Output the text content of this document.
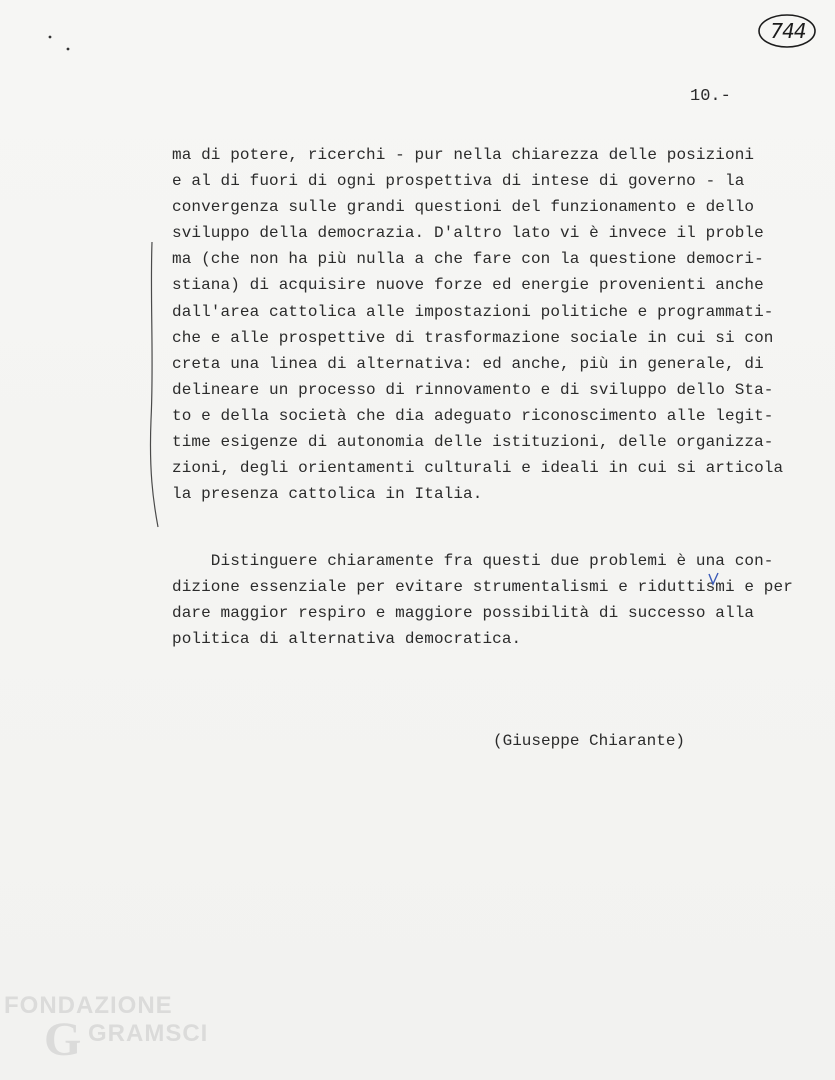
744
10.-
ma di potere, ricerchi - pur nella chiarezza delle posizioni
e al di fuori di ogni prospettiva di intese di governo - la
convergenza sulle grandi questioni del funzionamento e dello
sviluppo della democrazia. D'altro lato vi è invece il proble
ma (che non ha più nulla a che fare con la questione democri-
stiana) di acquisire nuove forze ed energie provenienti anche
dall'area cattolica alle impostazioni politiche e programmati-
che e alle prospettive di trasformazione sociale in cui si con
creta una linea di alternativa: ed anche, più in generale, di
delineare un processo di rinnovamento e di sviluppo dello Sta-
to e della società che dia adeguato riconoscimento alle legit-
time esigenze di autonomia delle istituzioni, delle organizza-
zioni, degli orientamenti culturali e ideali in cui si articola
la presenza cattolica in Italia.
Distinguere chiaramente fra questi due problemi è una con-
dizione essenziale per evitare strumentalismi e riduttismi e per
dare maggior respiro e maggiore possibilità di successo alla
politica di alternativa democratica.
(Giuseppe Chiarante)
G
FONDAZIONE
GRAMSCI
